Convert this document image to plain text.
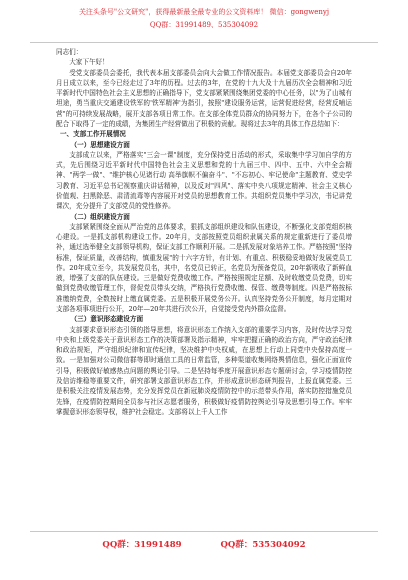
关注头条号"公文研究"，获得最新最全最专业的公文资料库！ 微信：gongwenyj
QQ群：31991489、535304092

同志们：

大家下午好！

受党支部委员会委托，我代表本届支部委员会向大会做工作情况报告。本届党支部委员会自20年月日成立以来，至今已经走过了3年的历程。过去的3年，在党的十九大及十九届历次全会精神和习近平新时代中国特色社会主义思想的正确指导下，党支部紧紧围绕集团党委的中心任务，以"为了山城有坦途，勇当重庆交通建设铁军的'铁军精神'为指引，按照"建设服务运营，运营促进经营，经营反哺运营"的可持续发展战略，展开支部各项日常工作。在支部全体党员群众的协同努力下，在各个子公司的配合下取得了一定的成绩，为集团生产经营做出了积极的贡献。现将过去3年的具体工作总结如下：

一、支部工作开展情况

（一）思想建设方面

支部成立以来，严格落实"三会一课"制度，充分保持党日活动的形式，采取集中学习加自学的方式，先后围绕习近平新时代中国特色社会主义思想和党的十九届三中、四中、五中、六中全会精神、"两学一做"、"维护核心见诸行动 高举旗帜不偏奋斗"、"不忘初心、牢记使命"主题教育、党史学习教育、习近平总书记视察重庆讲话精神，以及反对"四风"、落实中央八项规定精神、社会主义核心价值观、扫黑除恶、肃清流毒等内容展开对党员的思想教育工作。共组织党员集中学习次，书记讲党课次，充分提升了支部党员的党性修养。

（二）组织建设方面

支部紧紧围绕全面从严治党的总体要求，狠抓支部组织建设和队伍建设，不断强化支部党组织核心建设。一是抓支部机构建设工作。20年月，支部按照党员组织隶属关系的规定重新进行了委员增补，通过选举健全支部领导机构，保证支部工作顺利开展。二是抓发展对象培养工作。严格按照"坚持标准，保证质量，改善结构，慎重发展"的十六字方针，有计划、有重点、积极稳妥地做好发展党员工作。20年成立至今，共发展党员名，其中，名党员已转正，名党员为预备党员，20年新吸收了新鲜血液，增强了支部的队伍建设。三是做好党费收缴工作。严格按照规定足额、及时收缴党员党费，切实做到党费收缴管理工作，督促党员带头交纳，严格执行党费收缴、保管、缴费等制度。四是严格按标准缴纳党费，全数按时上缴直属党委。五是积极开展党务公开。认真坚持党务公开制度，每月定期对支部各项事项进行公开，20年—20年共进行次公开，自觉接受党内外群众监督。

（三）意识形态建设方面

支部要求意识形态引领的指导思想，将意识形态工作纳入支部的重要学习内容，及时传达学习党中央和上级党委关于意识形态工作的决策部署及指示精神，牢牢把握正确的政治方向，严守政治纪律和政治规矩，严守组织纪律和宣传纪律，坚决维护中央权威，在思想上行动上同党中央保持高度一致。一是加强对公司微信群等即时通信工具的日常监管，多种渠道收集网络舆情信息，强化正面宣传引导，积极做好敏感热点问题的舆论引导。二是坚持每季度开展意识形态专题研讨会，学习疫情防控及信访维稳等重要文件，研究部署支部意识形态工作，并形成意识形态研判报告，上报直属党委。三是积极关注疫情发展态势，充分发挥党员在新冠肺炎疫情防控中的示范带头作用，落实防控措施党员先锋，在疫情防控期间全员参与社区志愿者服务，积极做好疫情防控舆论引导及思想引导工作。牢牢掌握意识形态领导权，维护社会稳定。支部将以上千人工作

QQ群：31991489	QQ群：535304092
